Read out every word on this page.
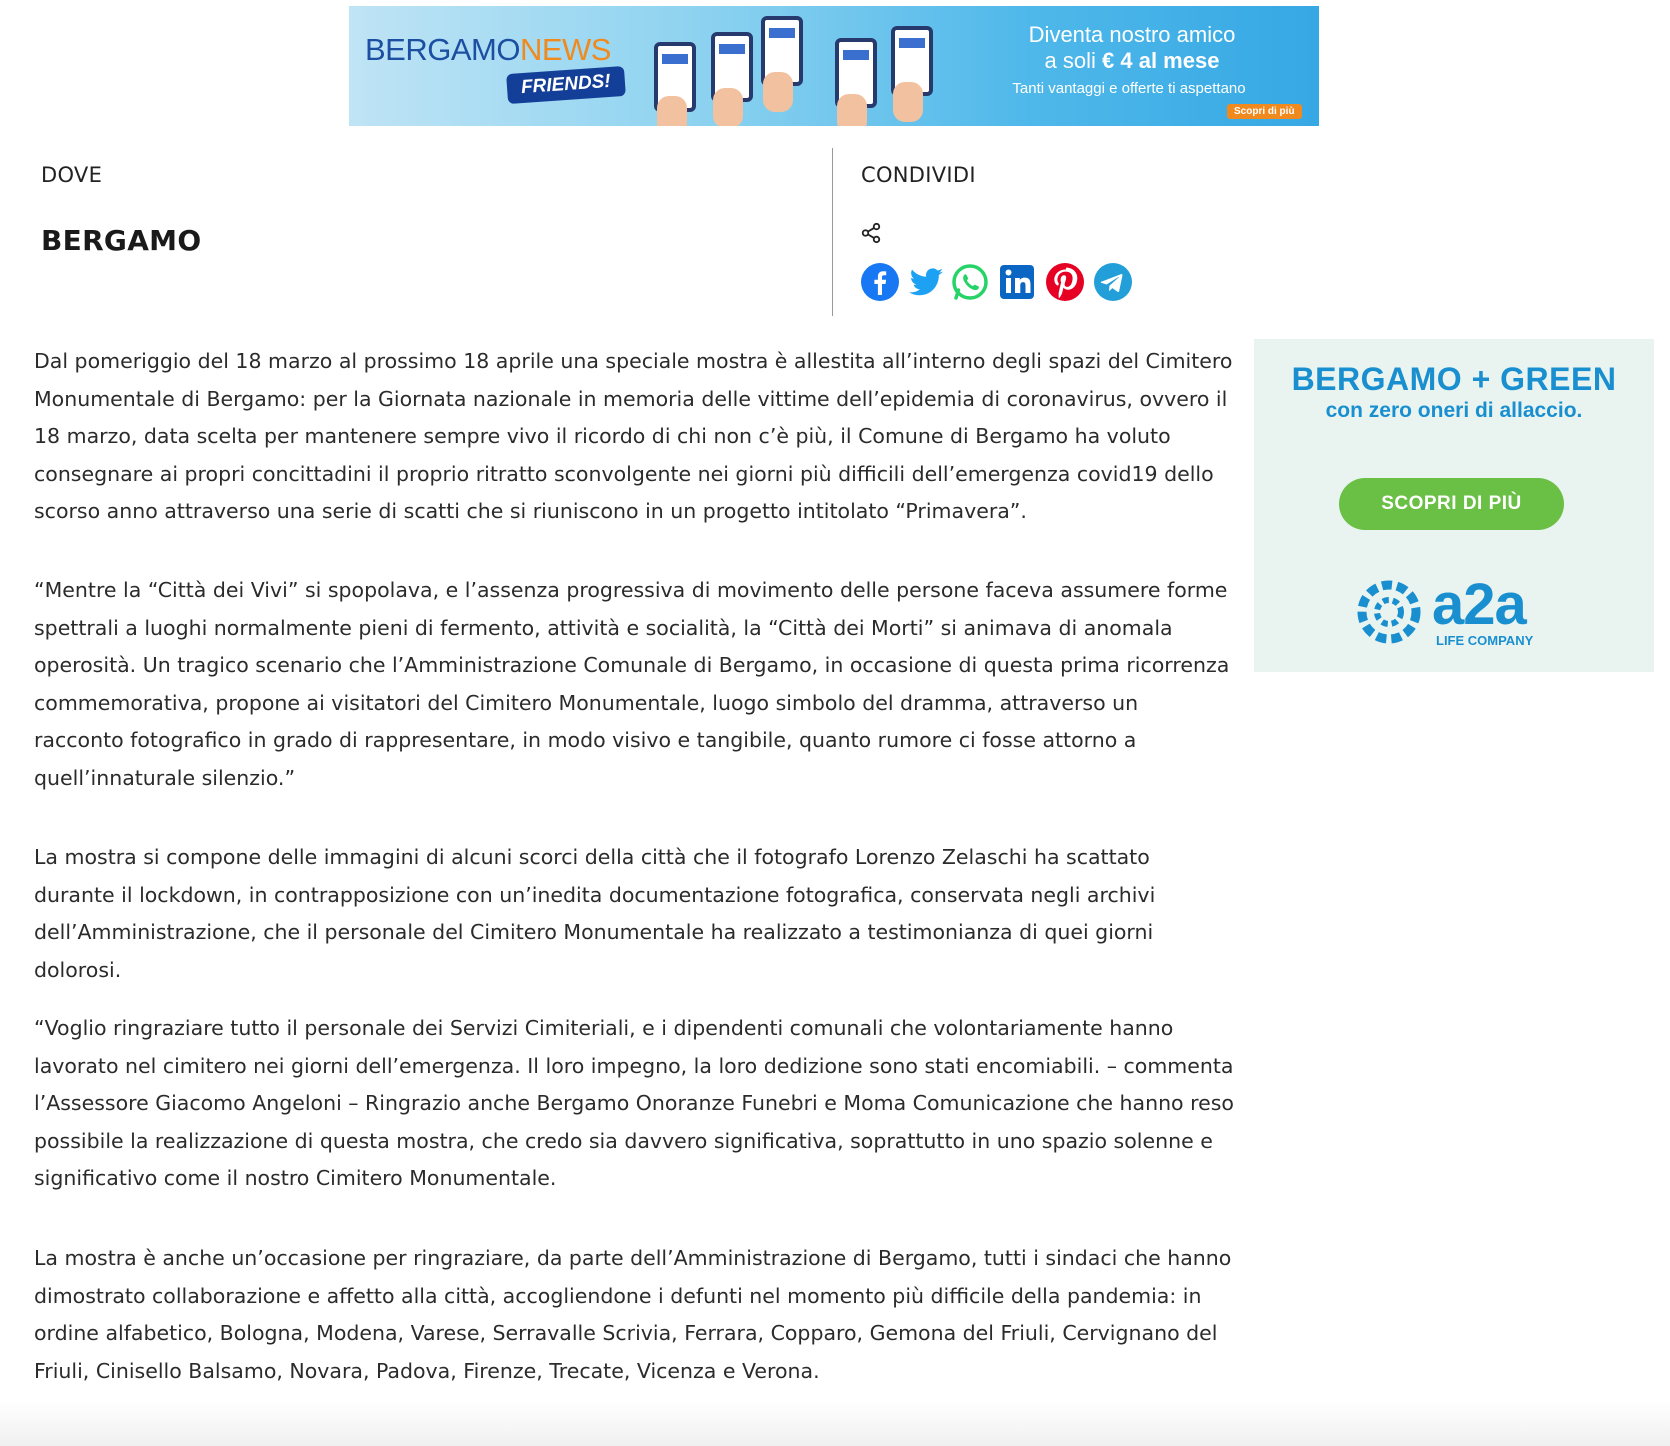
BERGAMONEWS
FRIENDS!
Diventa nostro amico
a soli € 4 al mese
Tanti vantaggi e offerte ti aspettano
Scopri di più
DOVE
BERGAMO
CONDIVIDI

Dal pomeriggio del 18 marzo al prossimo 18 aprile una speciale mostra è allestita all’interno degli spazi del Cimitero Monumentale di Bergamo: per la Giornata nazionale in memoria delle vittime dell’epidemia di coronavirus, ovvero il 18 marzo, data scelta per mantenere sempre vivo il ricordo di chi non c’è più, il Comune di Bergamo ha voluto consegnare ai propri concittadini il proprio ritratto sconvolgente nei giorni più difficili dell’emergenza covid19 dello scorso anno attraverso una serie di scatti che si riuniscono in un progetto intitolato “Primavera”.

“Mentre la “Città dei Vivi” si spopolava, e l’assenza progressiva di movimento delle persone faceva assumere forme spettrali a luoghi normalmente pieni di fermento, attività e socialità, la “Città dei Morti” si animava di anomala operosità. Un tragico scenario che l’Amministrazione Comunale di Bergamo, in occasione di questa prima ricorrenza commemorativa, propone ai visitatori del Cimitero Monumentale, luogo simbolo del dramma, attraverso un racconto fotografico in grado di rappresentare, in modo visivo e tangibile, quanto rumore ci fosse attorno a quell’innaturale silenzio.”

La mostra si compone delle immagini di alcuni scorci della città che il fotografo Lorenzo Zelaschi ha scattato durante il lockdown, in contrapposizione con un’inedita documentazione fotografica, conservata negli archivi dell’Amministrazione, che il personale del Cimitero Monumentale ha realizzato a testimonianza di quei giorni dolorosi.

“Voglio ringraziare tutto il personale dei Servizi Cimiteriali, e i dipendenti comunali che volontariamente hanno lavorato nel cimitero nei giorni dell’emergenza. Il loro impegno, la loro dedizione sono stati encomiabili. – commenta l’Assessore Giacomo Angeloni – Ringrazio anche Bergamo Onoranze Funebri e Moma Comunicazione che hanno reso possibile la realizzazione di questa mostra, che credo sia davvero significativa, soprattutto in uno spazio solenne e significativo come il nostro Cimitero Monumentale.

La mostra è anche un’occasione per ringraziare, da parte dell’Amministrazione di Bergamo, tutti i sindaci che hanno dimostrato collaborazione e affetto alla città, accogliendone i defunti nel momento più difficile della pandemia: in ordine alfabetico, Bologna, Modena, Varese, Serravalle Scrivia, Ferrara, Copparo, Gemona del Friuli, Cervignano del Friuli, Cinisello Balsamo, Novara, Padova, Firenze, Trecate, Vicenza e Verona.

BERGAMO + GREEN
con zero oneri di allaccio.
SCOPRI DI PIÙ
a2a
LIFE COMPANY
